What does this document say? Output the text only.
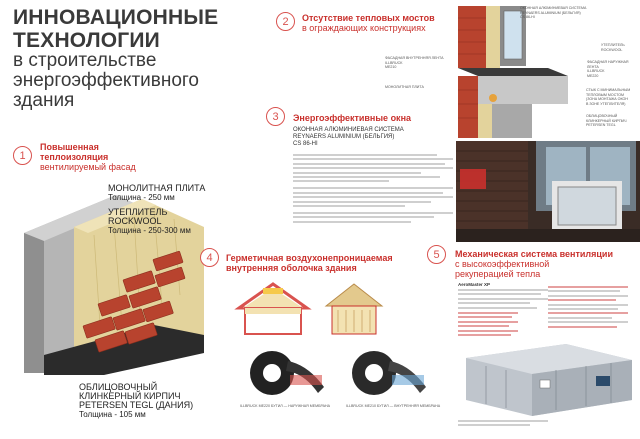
ИННОВАЦИОННЫЕ
ТЕХНОЛОГИИ
в строительстве
энергоэффективного
здания
1
Повышенная
теплоизоляция
вентилируемый фасад
МОНОЛИТНАЯ ПЛИТА
Толщина - 250 мм
УТЕПЛИТЕЛЬ
ROCKWOOL
Толщина - 250-300 мм
ОБЛИЦОВОЧНЫЙ
КЛИНКЕРНЫЙ КИРПИЧ
PETERSEN TEGL (ДАНИЯ)
Толщина - 105 мм
2	Отсутствие тепловых мостов
в ограждающих конструкциях
ОКОННАЯ АЛЮМИНИЕВАЯ СИСТЕМА
REYNAERS ALUMINIUM (БЕЛЬГИЯ)
CS 86-HI
УТЕПЛИТЕЛЬ
ROCKWOOL
ФАСАДНАЯ ВНУТРЕННЯЯ ЛЕНТА
ILLBRUCK
ME210
ФАСАДНАЯ НАРУЖНАЯ ЛЕНТА
ILLBRUCK
ME220
МОНОЛИТНАЯ ПЛИТА
СТЫК С МИНИМАЛЬНЫМ
ТЕПЛОВЫМ МОСТОМ
(ЗОНА МОНТАЖА ОКОН
В ЗОНЕ УТЕПЛИТЕЛЯ)
ОБЛИЦОВОЧНЫЙ
КЛИНКЕРНЫЙ КИРПИЧ
PETERSEN TEGL
3	Энергоэффективные окна
ОКОННАЯ АЛЮМИНИЕВАЯ СИСТЕМА
REYNAERS ALUMINIUM (БЕЛЬГИЯ)
CS 86-HI
4	Герметичная воздухонепроницаемая
внутренняя оболочка здания
ILLBRUCK ME220 БУТИЛ — НАРУЖНАЯ МЕМБРАНА	ILLBRUCK ME210 БУТИЛ — ВНУТРЕННЯЯ МЕМБРАНА
5	Механическая система вентиляции
с высокоэффективной
рекуперацией тепла
AeroMaster XP
